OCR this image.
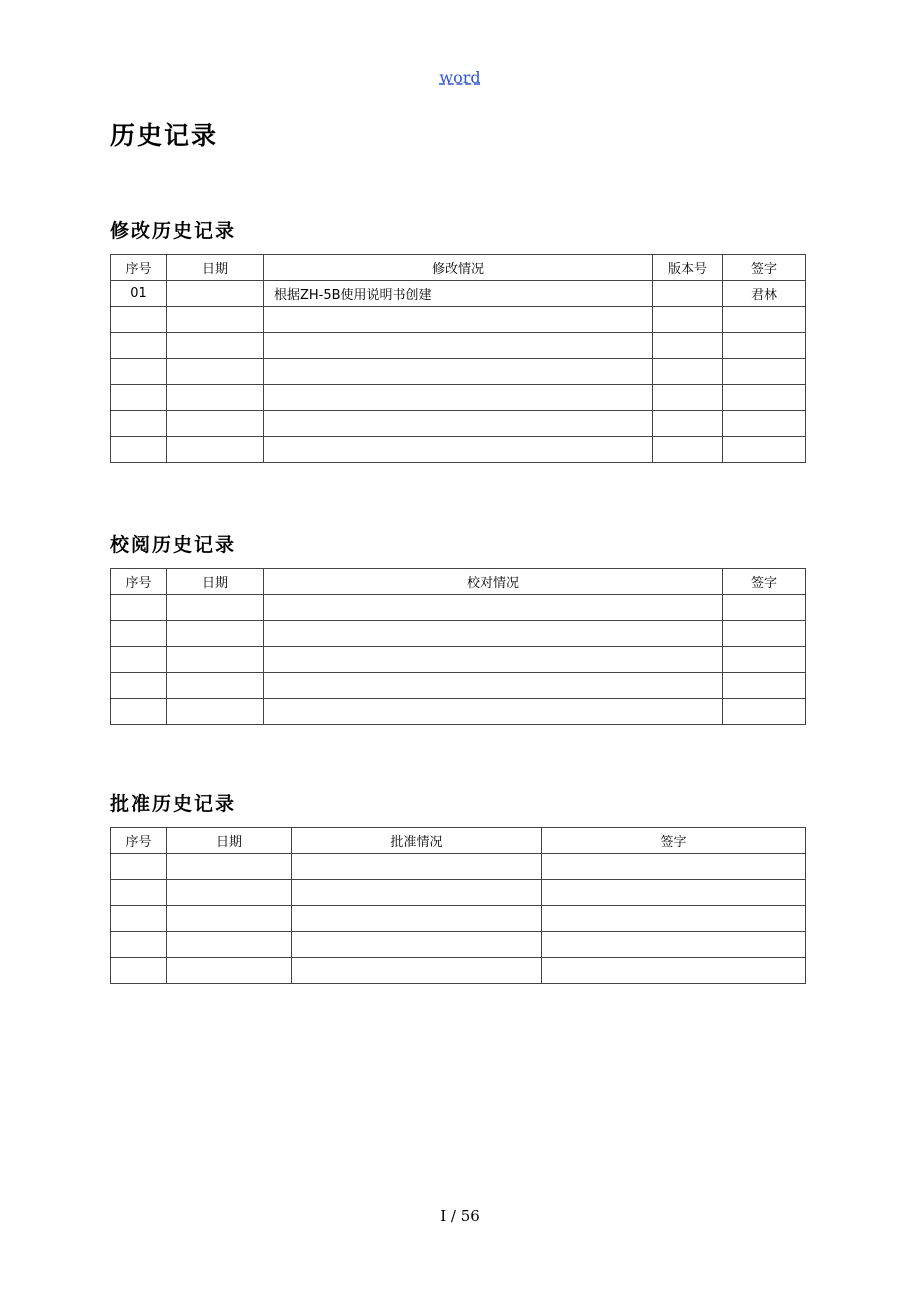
word
历史记录
修改历史记录
序号	日期	修改情况	版本号	签字
01		根据ZH-5B使用说明书创建		君林

校阅历史记录
序号	日期	校对情况	签字

批准历史记录
序号	日期	批准情况	签字

I / 56
